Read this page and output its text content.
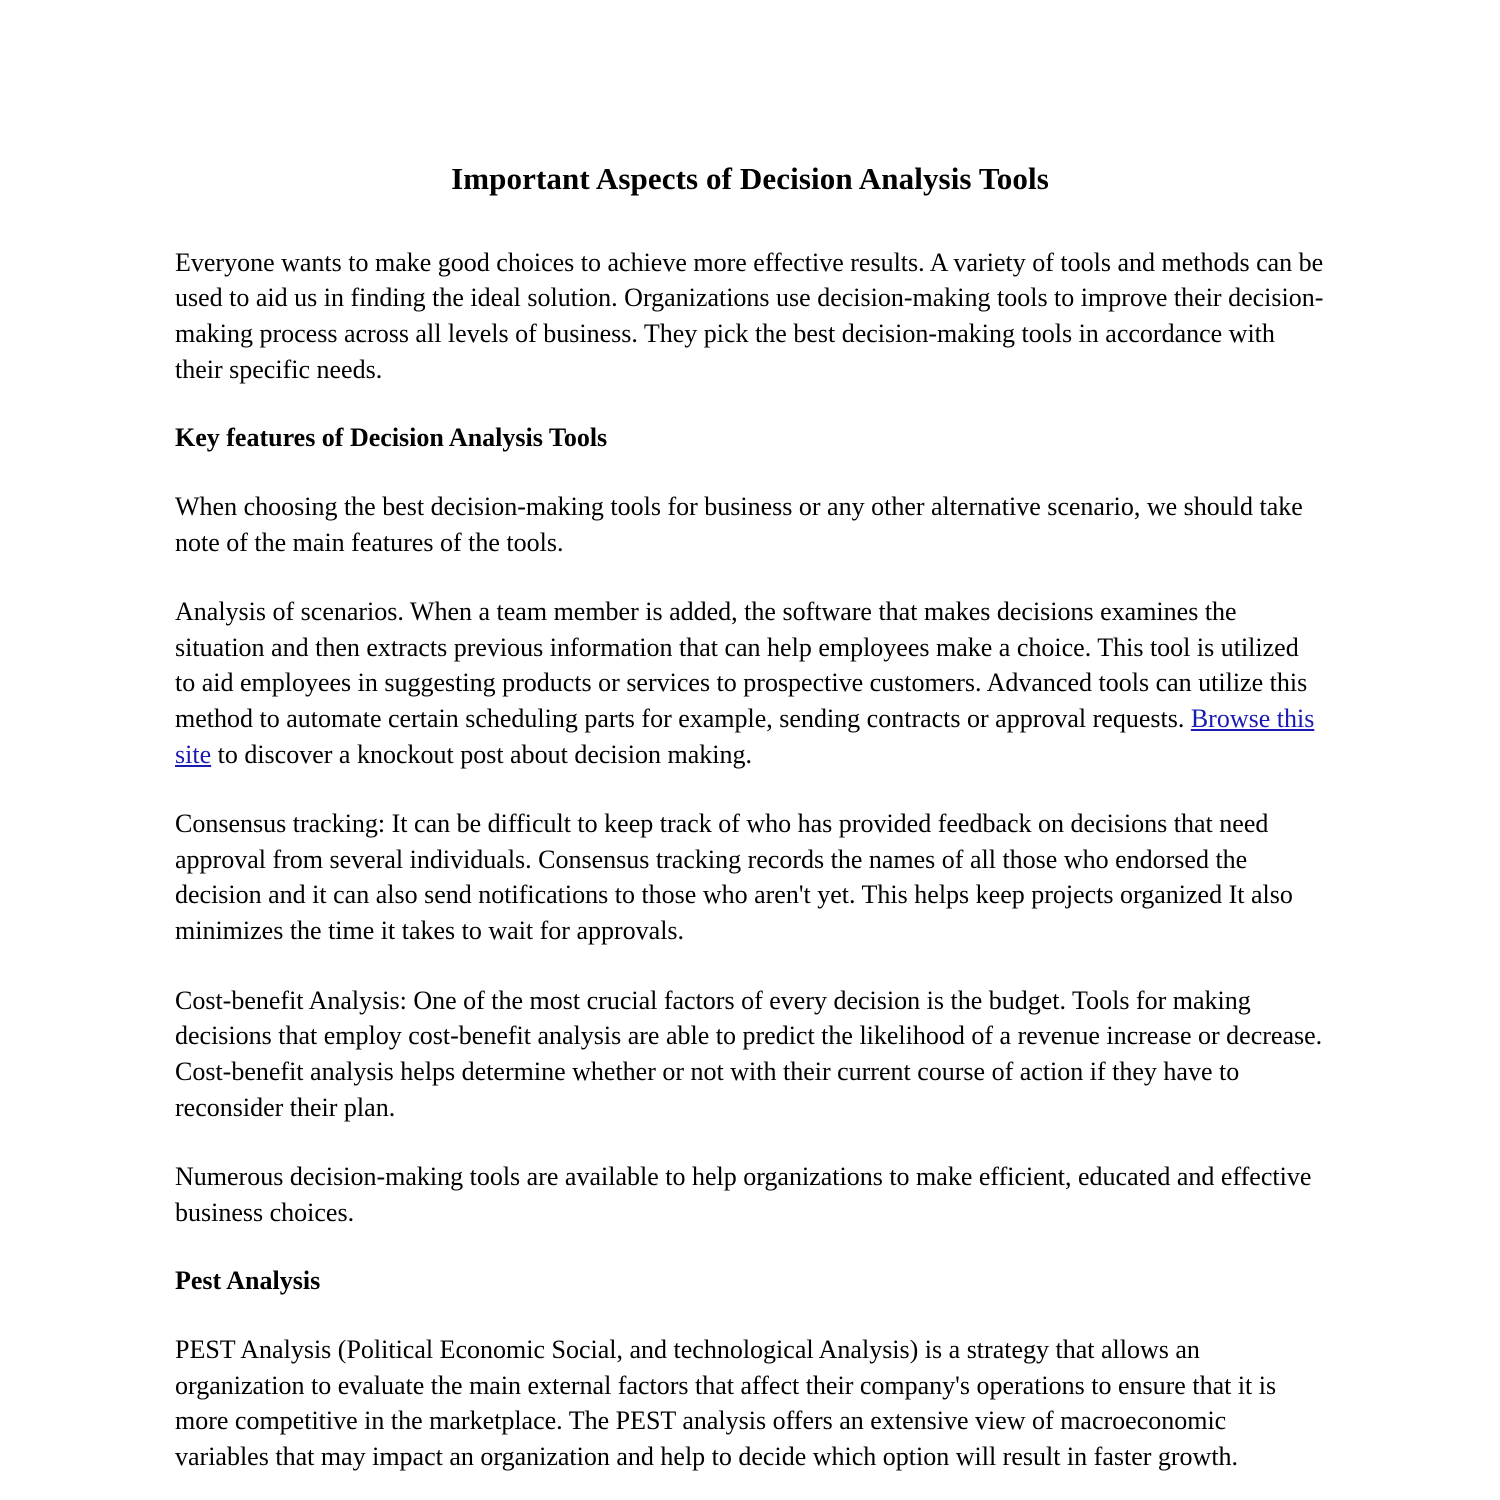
Important Aspects of Decision Analysis Tools

Everyone wants to make good choices to achieve more effective results. A variety of tools and methods can be used to aid us in finding the ideal solution. Organizations use decision-making tools to improve their decision-making process across all levels of business. They pick the best decision-making tools in accordance with their specific needs.

Key features of Decision Analysis Tools

When choosing the best decision-making tools for business or any other alternative scenario, we should take note of the main features of the tools.

Analysis of scenarios. When a team member is added, the software that makes decisions examines the situation and then extracts previous information that can help employees make a choice. This tool is utilized to aid employees in suggesting products or services to prospective customers. Advanced tools can utilize this method to automate certain scheduling parts for example, sending contracts or approval requests. Browse this site to discover a knockout post about decision making.

Consensus tracking: It can be difficult to keep track of who has provided feedback on decisions that need approval from several individuals. Consensus tracking records the names of all those who endorsed the decision and it can also send notifications to those who aren't yet. This helps keep projects organized It also minimizes the time it takes to wait for approvals.

Cost-benefit Analysis: One of the most crucial factors of every decision is the budget. Tools for making decisions that employ cost-benefit analysis are able to predict the likelihood of a revenue increase or decrease. Cost-benefit analysis helps determine whether or not with their current course of action if they have to reconsider their plan.

Numerous decision-making tools are available to help organizations to make efficient, educated and effective business choices.

Pest Analysis

PEST Analysis (Political Economic Social, and technological Analysis) is a strategy that allows an organization to evaluate the main external factors that affect their company's operations to ensure that it is more competitive in the marketplace. The PEST analysis offers an extensive view of macroeconomic variables that may impact an organization and help to decide which option will result in faster growth.
